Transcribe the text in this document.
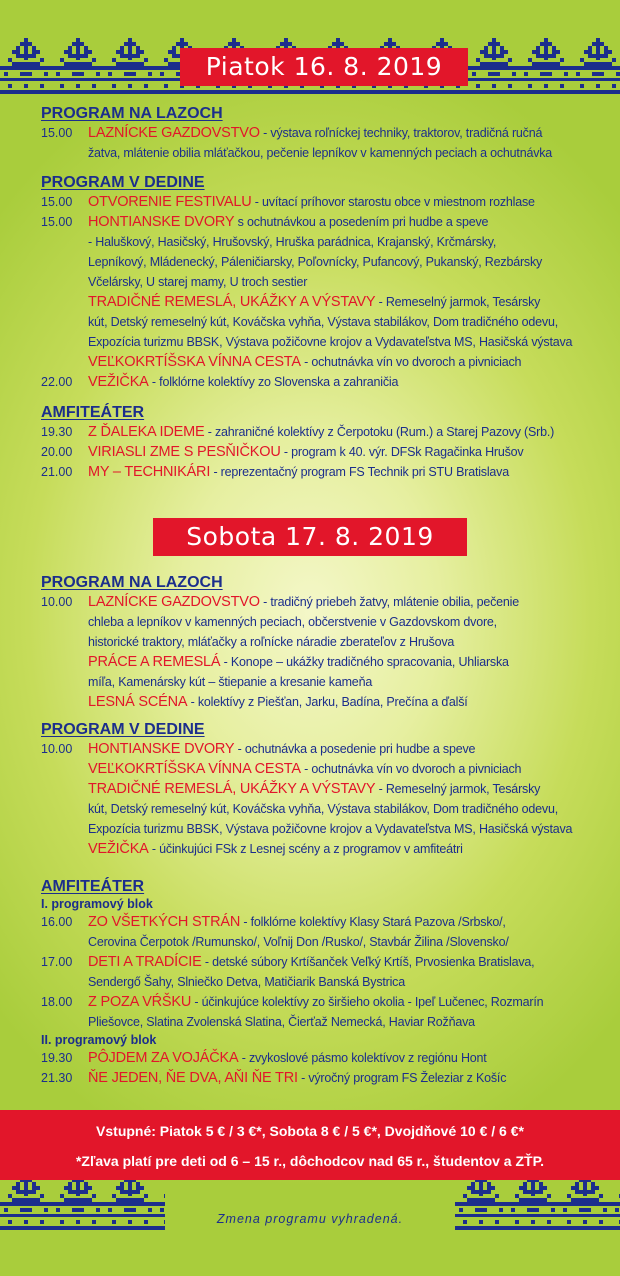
Piatok 16. 8. 2019
PROGRAM NA LAZOCH
15.00	LAZNÍCKE GAZDOVSTVO - výstava roľníckej techniky, traktorov, tradičná ručná
žatva, mlátenie obilia mláťačkou, pečenie lepníkov v kamenných peciach a ochutnávka
PROGRAM V DEDINE
15.00	OTVORENIE FESTIVALU - uvítací príhovor starostu obce v miestnom rozhlase
15.00	HONTIANSKE DVORY s ochutnávkou a posedením pri hudbe a speve
- Haluškový, Hasičský, Hrušovský, Hruška parádnica, Krajanský, Krčmársky,
Lepníkový, Mládenecký, Páleničiarsky, Poľovnícky, Pufancový, Pukanský, Rezbársky
Včelársky, U starej mamy, U troch sestier
TRADIČNÉ REMESLÁ, UKÁŽKY A VÝSTAVY - Remeselný jarmok, Tesársky
kút, Detský remeselný kút, Kováčska vyhňa, Výstava stabilákov, Dom tradičného odevu,
Expozícia turizmu BBSK, Výstava požičovne krojov a Vydavateľstva MS, Hasičská výstava
VEĽKOKRTÍŠSKA VÍNNA CESTA - ochutnávka vín vo dvoroch a pivniciach
22.00	VEŽIČKA - folklórne kolektívy zo Slovenska a zahraničia
AMFITEÁTER
19.30	Z ĎALEKA IDEME - zahraničné kolektívy z Čerpotoku (Rum.) a Starej Pazovy (Srb.)
20.00	VIRIASLI ZME S PESŇIČKOU - program k 40. výr. DFSk Ragačinka Hrušov
21.00	MY – TECHNIKÁRI - reprezentačný program FS Technik pri STU Bratislava
Sobota 17. 8. 2019
PROGRAM NA LAZOCH
10.00	LAZNÍCKE GAZDOVSTVO - tradičný priebeh žatvy, mlátenie obilia, pečenie
chleba a lepníkov v kamenných peciach, občerstvenie v Gazdovskom dvore,
historické traktory, mláťačky a roľnícke náradie zberateľov z Hrušova
PRÁCE A REMESLÁ - Konope – ukážky tradičného spracovania, Uhliarska
míľa, Kamenársky kút – štiepanie a kresanie kameňa
LESNÁ SCÉNA - kolektívy z Piešťan, Jarku, Badína, Prečína a ďalší
PROGRAM V DEDINE
10.00	HONTIANSKE DVORY - ochutnávka a posedenie pri hudbe a speve
VEĽKOKRTÍŠSKA VÍNNA CESTA - ochutnávka vín vo dvoroch a pivniciach
TRADIČNÉ REMESLÁ, UKÁŽKY A VÝSTAVY - Remeselný jarmok, Tesársky
kút, Detský remeselný kút, Kováčska vyhňa, Výstava stabilákov, Dom tradičného odevu,
Expozícia turizmu BBSK, Výstava požičovne krojov a Vydavateľstva MS, Hasičská výstava
VEŽIČKA - účinkujúci FSk z Lesnej scény a z programov v amfiteátri
AMFITEÁTER
I. programový blok
16.00	ZO VŠETKÝCH STRÁN - folklórne kolektívy Klasy Stará Pazova /Srbsko/,
Cerovina Čerpotok /Rumunsko/, Voľnij Don /Rusko/, Stavbár Žilina /Slovensko/
17.00	DETI A TRADÍCIE - detské súbory Krtíšanček Veľký Krtíš, Prvosienka Bratislava,
Sendergő Šahy, Slniečko Detva, Matičiarik Banská Bystrica
18.00	Z POZA VŔŠKU - účinkujúce kolektívy zo širšieho okolia - Ipeľ Lučenec, Rozmarín
Pliešovce, Slatina Zvolenská Slatina, Čierťaž Nemecká, Haviar Rožňava
II. programový blok
19.30	PÔJDEM ZA VOJÁČKA - zvykoslové pásmo kolektívov z regiónu Hont
21.30	ŇE JEDEN, ŇE DVA, AŇI ŇE TRI - výročný program FS Železiar z Košíc
Vstupné: Piatok 5 € / 3 €*, Sobota 8 € / 5 €*, Dvojdňové 10 € / 6 €*
*Zľava platí pre deti od 6 – 15 r., dôchodcov nad 65 r., študentov a ZŤP.
Zmena programu vyhradená.
